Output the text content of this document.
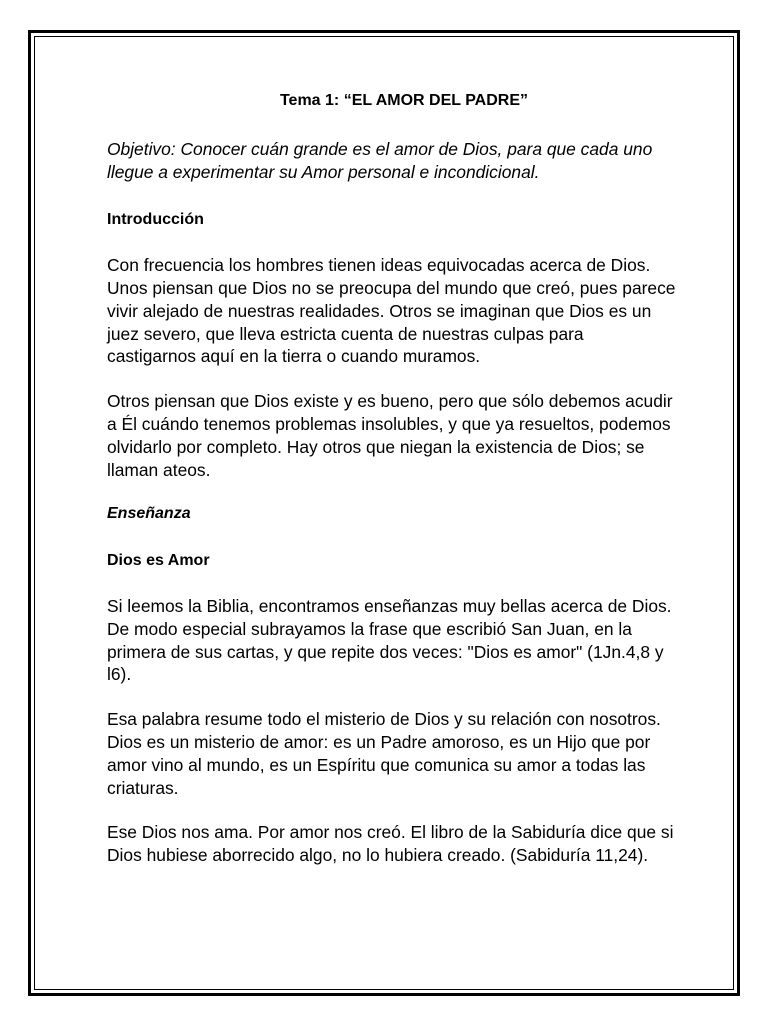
Tema 1: “EL AMOR DEL PADRE”

Objetivo: Conocer cuán grande es el amor de Dios, para que cada uno llegue a experimentar su Amor personal e incondicional.

Introducción

Con frecuencia los hombres tienen ideas equivocadas acerca de Dios. Unos piensan que Dios no se preocupa del mundo que creó, pues parece vivir alejado de nuestras realidades. Otros se imaginan que Dios es un juez severo, que lleva estricta cuenta de nuestras culpas para castigarnos aquí en la tierra o cuando muramos.

Otros piensan que Dios existe y es bueno, pero que sólo debemos acudir a Él cuándo tenemos problemas insolubles, y que ya resueltos, podemos olvidarlo por completo. Hay otros que niegan la existencia de Dios; se llaman ateos.

Enseñanza

Dios es Amor

Si leemos la Biblia, encontramos enseñanzas muy bellas acerca de Dios. De modo especial subrayamos la frase que escribió San Juan, en la primera de sus cartas, y que repite dos veces: "Dios es amor" (1Jn.4,8 y l6).

Esa palabra resume todo el misterio de Dios y su relación con nosotros. Dios es un misterio de amor: es un Padre amoroso, es un Hijo que por amor vino al mundo, es un Espíritu que comunica su amor a todas las criaturas.

Ese Dios nos ama. Por amor nos creó. El libro de la Sabiduría dice que si Dios hubiese aborrecido algo, no lo hubiera creado. (Sabiduría 11,24).
